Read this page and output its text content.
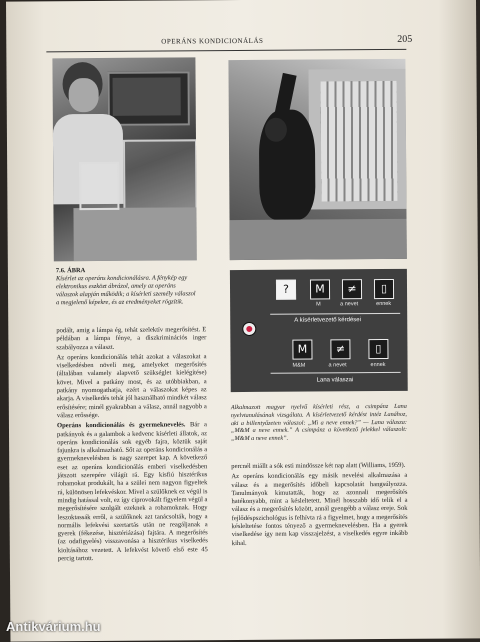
OPERÁNS KONDICIONÁLÁS	205
7.6. ÁBRA
Kísérlet az operáns kondicionálásra. A fénykép egy elektronikus eszközt ábrázol, amely az operáns válaszok alapján működik; a kísérleti személy válaszol a megjelenő képekre, és az eredményeket rögzítik.
?	M	≠	▯
M	a nevet	ennek
A kísérletvezető kérdései
M	≠	▯
M&M	a nevet	ennek
Lana válaszai

podált, amig a lámpa ég, tehát szelektív megerősítést. E példában a lámpa fénye, a diszkriminációs inger szabályozza a választ.

Az operáns kondicionálás tehát azokat a válaszokat a viselkedésben növeli meg, amelyeket megerősítés (általában valamely alapvető szükséglet kielégítése) követ. Mivel a patkány most, és az utóbbiakban, a patkány nyomogathatja, ezért a válaszokat képes az akarja. A viselkedés tehát jól használható mindkét válasz erősítésére; minél gyakrabban a válasz, annál nagyobb a válasz erőssége.

Operáns kondicionálás és gyermeknevelés. Bár a patkányok és a galambok a kedvenc kísérleti állatok, az operáns kondicionálás sok egyéb fajra, köztük saját fajunkra is alkalmazható. Sőt az operáns kondicionálás a gyermeknevelésben is nagy szerepet kap. A következő eset az operáns kondicionálás emberi viselkedésben játszott szerepére világít rá. Egy kisfiú hisztérikus rohamokat produkált, ha a szülei nem nagyon figyeltek rá, különösen lefekvéskor. Mivel a szülőknek ez végül is mindig hatással volt, ez így ciprovokált figyelem végül a megerősítésére szolgált ezeknek a rohamoknak. Hogy leszoktassák erről, a szülőknek azt tanácsolták, hogy a normális lefekvési szertartás után ne reagáljanak a gyerek (fékezése, hisztériázása) fajtára. A megerősítés (az odafigyelés) visszavonása a hisztérikus viselkedés kioltásához vezetett. A lefekvést követő első este 45 percig tartott.

Alkalmazott magyar nyelvű kísérleti rész, a csimpánz Lana nyelvtanulásának vizsgálata. A kísérletvezető kérdést intéz Lanához, aki a billentyűzeten válaszol: „Mi a neve ennek?” — Lana válasza: „M&M a neve ennek.” A csimpánz a következő jelekkel válaszolt: „M&M a neve ennek”.

percnél miállt a sók esti mindössze két nap alatt (Williams, 1959).

Az operáns kondicionálás egy másik nevelési alkalmazása a válasz és a megerősítés időbeli kapcsolatát hangsúlyozza. Tanulmányok kimutatták, hogy az azonnali megerősítés hatékonyabb, mint a késleltetett. Minél hosszabb idő telik el a válasz és a megerősítés között, annál gyengébb a válasz ereje. Sok fejlődéspszichológus is felhívta rá a figyelmet, hogy a megerősítés késleltetése fontos tényező a gyermeknevelésben. Ha a gyerek viselkedése így nem kap visszajelzést, a viselkedés egyre inkább kihal.

Antikvárium.hu
